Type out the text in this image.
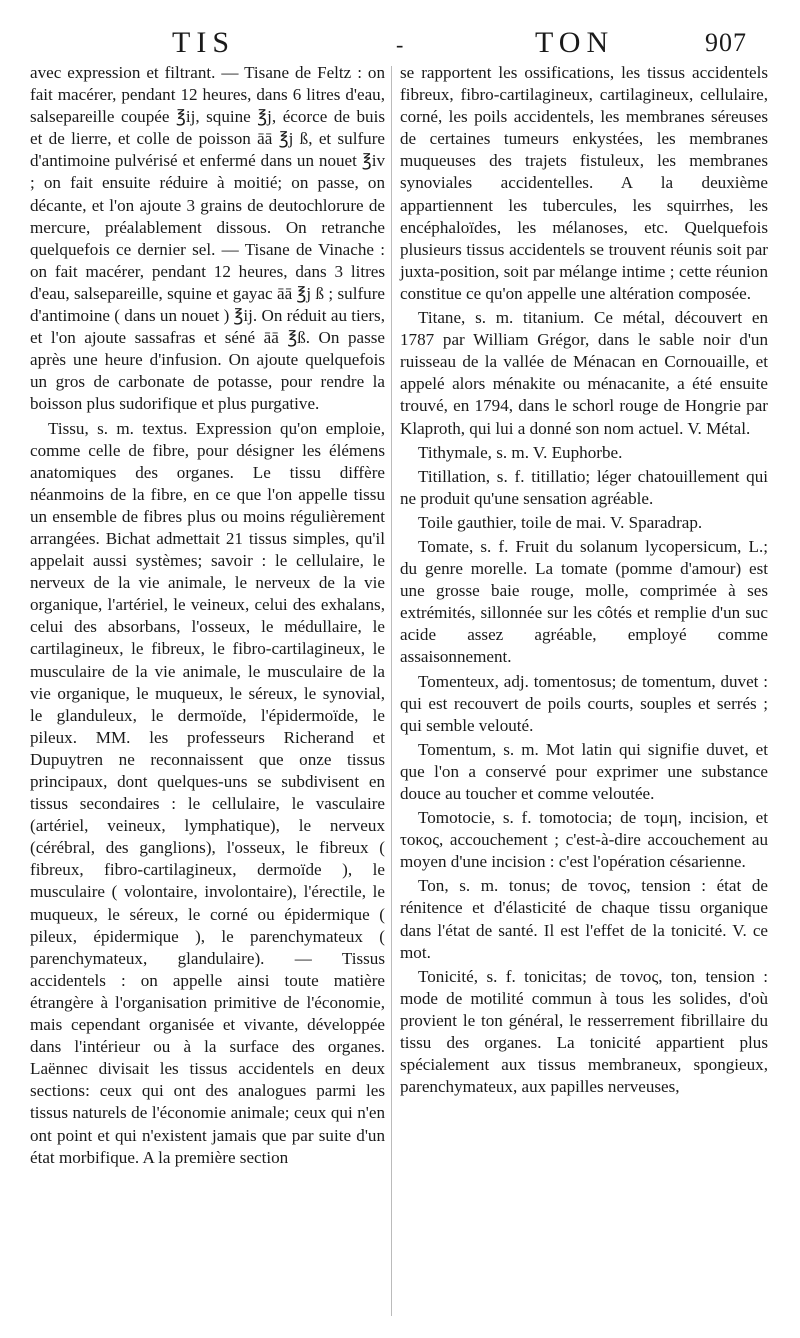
TIS	-	TON	907

avec expression et filtrant. — Tisane de Feltz : on fait macérer, pendant 12 heures, dans 6 litres d'eau, salsepareille coupée ℥ij, squine ℥j, écorce de buis et de lierre, et colle de poisson āā ℥j ß, et sulfure d'antimoine pulvérisé et enfermé dans un nouet ℥iv ; on fait ensuite réduire à moitié; on passe, on décante, et l'on ajoute 3 grains de deutochlorure de mercure, préalablement dissous. On retranche quelquefois ce dernier sel. — Tisane de Vinache : on fait macérer, pendant 12 heures, dans 3 litres d'eau, salsepareille, squine et gayac āā ℥j ß ; sulfure d'antimoine ( dans un nouet ) ℥ij. On réduit au tiers, et l'on ajoute sassafras et séné āā ℥ß. On passe après une heure d'infusion. On ajoute quelquefois un gros de carbonate de potasse, pour rendre la boisson plus sudorifique et plus purgative.

Tissu, s. m. textus. Expression qu'on emploie, comme celle de fibre, pour désigner les élémens anatomiques des organes. Le tissu diffère néanmoins de la fibre, en ce que l'on appelle tissu un ensemble de fibres plus ou moins régulièrement arrangées. Bichat admettait 21 tissus simples, qu'il appelait aussi systèmes; savoir : le cellulaire, le nerveux de la vie animale, le nerveux de la vie organique, l'artériel, le veineux, celui des exhalans, celui des absorbans, l'osseux, le médullaire, le cartilagineux, le fibreux, le fibro-cartilagineux, le musculaire de la vie animale, le musculaire de la vie organique, le muqueux, le séreux, le synovial, le glanduleux, le dermoïde, l'épidermoïde, le pileux. MM. les professeurs Richerand et Dupuytren ne reconnaissent que onze tissus principaux, dont quelques-uns se subdivisent en tissus secondaires : le cellulaire, le vasculaire (artériel, veineux, lymphatique), le nerveux (cérébral, des ganglions), l'osseux, le fibreux ( fibreux, fibro-cartilagineux, dermoïde ), le musculaire ( volontaire, involontaire), l'érectile, le muqueux, le séreux, le corné ou épidermique ( pileux, épidermique ), le parenchymateux ( parenchymateux, glandulaire). — Tissus accidentels : on appelle ainsi toute matière étrangère à l'organisation primitive de l'économie, mais cependant organisée et vivante, développée dans l'intérieur ou à la surface des organes. Laënnec divisait les tissus accidentels en deux sections: ceux qui ont des analogues parmi les tissus naturels de l'économie animale; ceux qui n'en ont point et qui n'existent jamais que par suite d'un état morbifique. A la première section

se rapportent les ossifications, les tissus accidentels fibreux, fibro-cartilagineux, cartilagineux, cellulaire, corné, les poils accidentels, les membranes séreuses de certaines tumeurs enkystées, les membranes muqueuses des trajets fistuleux, les membranes synoviales accidentelles. A la deuxième appartiennent les tubercules, les squirrhes, les encéphaloïdes, les mélanoses, etc. Quelquefois plusieurs tissus accidentels se trouvent réunis soit par juxta-position, soit par mélange intime ; cette réunion constitue ce qu'on appelle une altération composée.

Titane, s. m. titanium. Ce métal, découvert en 1787 par William Grégor, dans le sable noir d'un ruisseau de la vallée de Ménacan en Cornouaille, et appelé alors ménakite ou ménacanite, a été ensuite trouvé, en 1794, dans le schorl rouge de Hongrie par Klaproth, qui lui a donné son nom actuel. V. Métal.

Tithymale, s. m. V. Euphorbe.

Titillation, s. f. titillatio; léger chatouillement qui ne produit qu'une sensation agréable.

Toile gauthier, toile de mai. V. Sparadrap.

Tomate, s. f. Fruit du solanum lycopersicum, L.; du genre morelle. La tomate (pomme d'amour) est une grosse baie rouge, molle, comprimée à ses extrémités, sillonnée sur les côtés et remplie d'un suc acide assez agréable, employé comme assaisonnement.

Tomenteux, adj. tomentosus; de tomentum, duvet : qui est recouvert de poils courts, souples et serrés ; qui semble velouté.

Tomentum, s. m. Mot latin qui signifie duvet, et que l'on a conservé pour exprimer une substance douce au toucher et comme veloutée.

Tomotocie, s. f. tomotocia; de τομη, incision, et τοκος, accouchement ; c'est-à-dire accouchement au moyen d'une incision : c'est l'opération césarienne.

Ton, s. m. tonus; de τονος, tension : état de rénitence et d'élasticité de chaque tissu organique dans l'état de santé. Il est l'effet de la tonicité. V. ce mot.

Tonicité, s. f. tonicitas; de τονος, ton, tension : mode de motilité commun à tous les solides, d'où provient le ton général, le resserrement fibrillaire du tissu des organes. La tonicité appartient plus spécialement aux tissus membraneux, spongieux, parenchymateux, aux papilles nerveuses,
